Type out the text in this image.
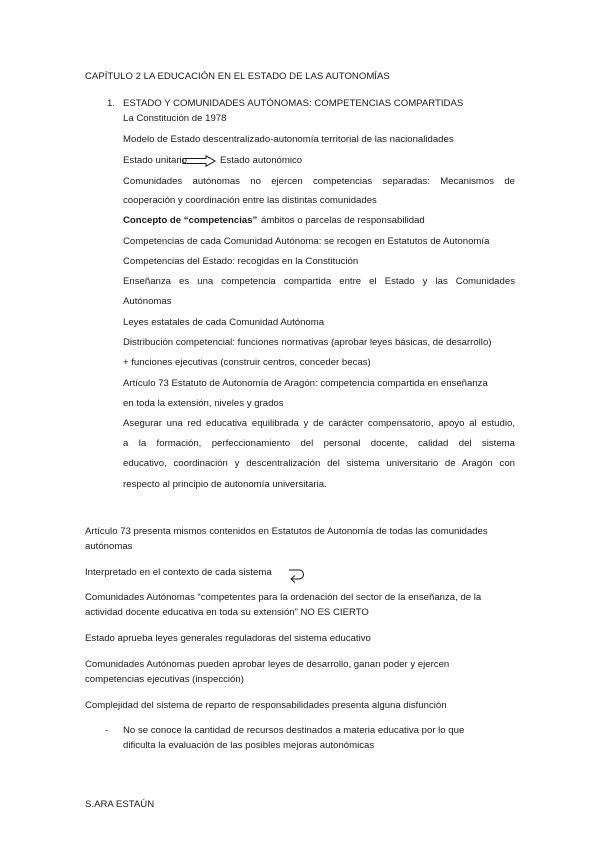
CAPÍTULO 2 LA EDUCACIÓN EN EL ESTADO DE LAS AUTONOMÍAS
1. ESTADO Y COMUNIDADES AUTÓNOMAS: COMPETENCIAS COMPARTIDAS
La Constitución de 1978
Modelo de Estado descentralizado-autonomía territorial de las nacionalidades
Estado unitario	Estado autonómico
Comunidades autónomas no ejercen competencias separadas: Mecanismos de
cooperación y coordinación entre las distintas comunidades
Concepto de “competencias” ámbitos o parcelas de responsabilidad
Competencias de cada Comunidad Autónoma: se recogen en Estatutos de Autonomía
Competencias del Estado: recogidas en la Constitución
Enseñanza es una competencia compartida entre el Estado y las Comunidades
Autónomas
Leyes estatales de cada Comunidad Autónoma
Distribución competencial: funciones normativas (aprobar leyes básicas, de desarrollo)
+ funciones ejecutivas (construir centros, conceder becas)
Artículo 73 Estatuto de Autonomía de Aragón: competencia compartida en enseñanza
en toda la extensión, niveles y grados
Asegurar una red educativa equilibrada y de carácter compensatorio, apoyo al estudio,
a la formación, perfeccionamiento del personal docente, calidad del sistema
educativo, coordinación y descentralización del sistema universitario de Aragón con
respecto al principio de autonomía universitaria.
Artículo 73 presenta mismos contenidos en Estatutos de Autonomía de todas las comunidades
autónomas
Interpretado en el contexto de cada sistema
Comunidades Autónomas “competentes para la ordenación del sector de la enseñanza, de la
actividad docente educativa en toda su extensión” NO ES CIERTO
Estado aprueba leyes generales reguladoras del sistema educativo
Comunidades Autónomas pueden aprobar leyes de desarrollo, ganan poder y ejercen
competencias ejecutivas (inspección)
Complejidad del sistema de reparto de responsabilidades presenta alguna disfunción
- No se conoce la cantidad de recursos destinados a materia educativa por lo que
dificulta la evaluación de las posibles mejoras autonómicas
S.ARA ESTAÚN
